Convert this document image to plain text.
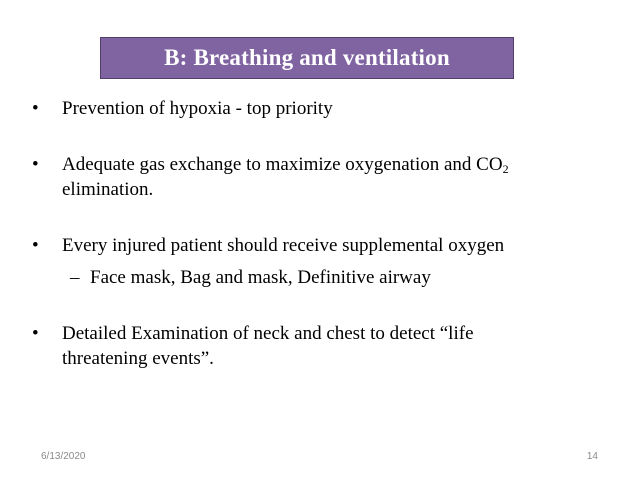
B: Breathing and ventilation
•	Prevention of hypoxia - top priority
•	Adequate gas exchange to maximize oxygenation and $CO_2$
elimination.
•	Every injured patient should receive supplemental oxygen
– Face mask, Bag and mask, Definitive airway
•	Detailed Examination of neck and chest to detect “life threatening events”.
6/13/2020	14
